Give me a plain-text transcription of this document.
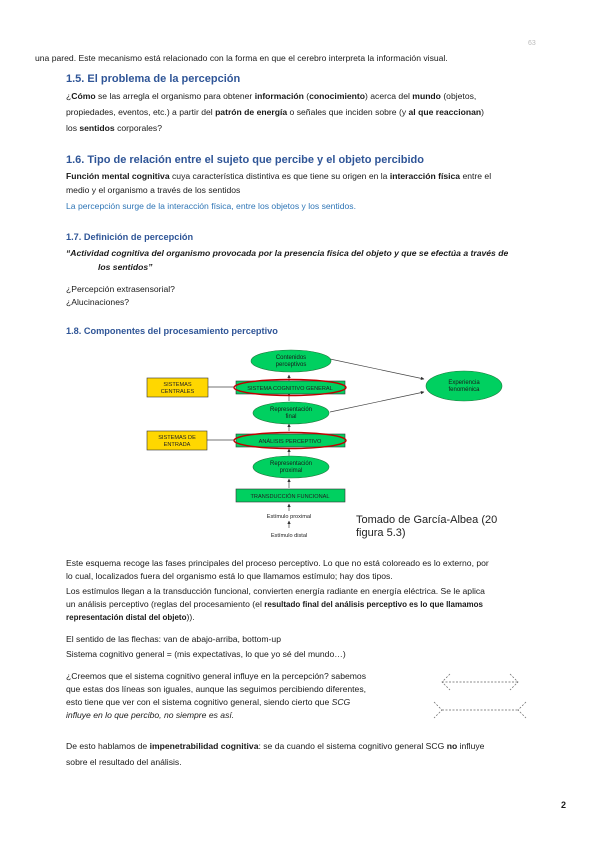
63

una pared. Este mecanismo está relacionado con la forma en que el cerebro interpreta la información visual.

1.5. El problema de la percepción

¿Cómo se las arregla el organismo para obtener información (conocimiento) acerca del mundo (objetos,

propiedades, eventos, etc.) a partir del patrón de energía o señales que inciden sobre (y al que reaccionan)

los sentidos corporales?

1.6. Tipo de relación entre el sujeto que percibe y el objeto percibido

Función mental cognitiva cuya característica distintiva es que tiene su origen en la interacción física entre el

medio y el organismo a través de los sentidos

La percepción surge de la interacción física, entre los objetos y los sentidos.

1.7. Definición de percepción

“Actividad cognitiva del organismo provocada por la presencia física del objeto y que se efectúa a través de

los sentidos”

¿Percepción extrasensorial?

¿Alucinaciones?

1.8. Componentes del procesamiento perceptivo
Contenidos
perceptivos
SISTEMAS
CENTRALES	SISTEMA COGNITIVO GENERAL
Experiencia
fenoménica
Representación
final
SISTEMAS DE
ENTRADA	ANÁLISIS PERCEPTIVO
Representación
proximal
TRANSDUCCIÓN FUNCIONAL
Estímulo proximal
Estímulo distal
Tomado de García-Albea (20
figura 5.3)

Este esquema recoge las fases principales del proceso perceptivo. Lo que no está coloreado es lo externo, por

lo cual, localizados fuera del organismo está lo que llamamos estímulo; hay dos tipos.

Los estímulos llegan a la transducción funcional, convierten energía radiante en energía eléctrica. Se le aplica

un análisis perceptivo (reglas del procesamiento (el resultado final del análisis perceptivo es lo que llamamos

representación distal del objeto)).

El sentido de las flechas: van de abajo-arriba, bottom-up

Sistema cognitivo general = (mis expectativas, lo que yo sé del mundo…)

¿Creemos que el sistema cognitivo general influye en la percepción? sabemos

que estas dos líneas son iguales, aunque las seguimos percibiendo diferentes,

esto tiene que ver con el sistema cognitivo general, siendo cierto que SCG

influye en lo que percibo, no siempre es así.

De esto hablamos de impenetrabilidad cognitiva: se da cuando el sistema cognitivo general SCG no influye

sobre el resultado del análisis.

2
